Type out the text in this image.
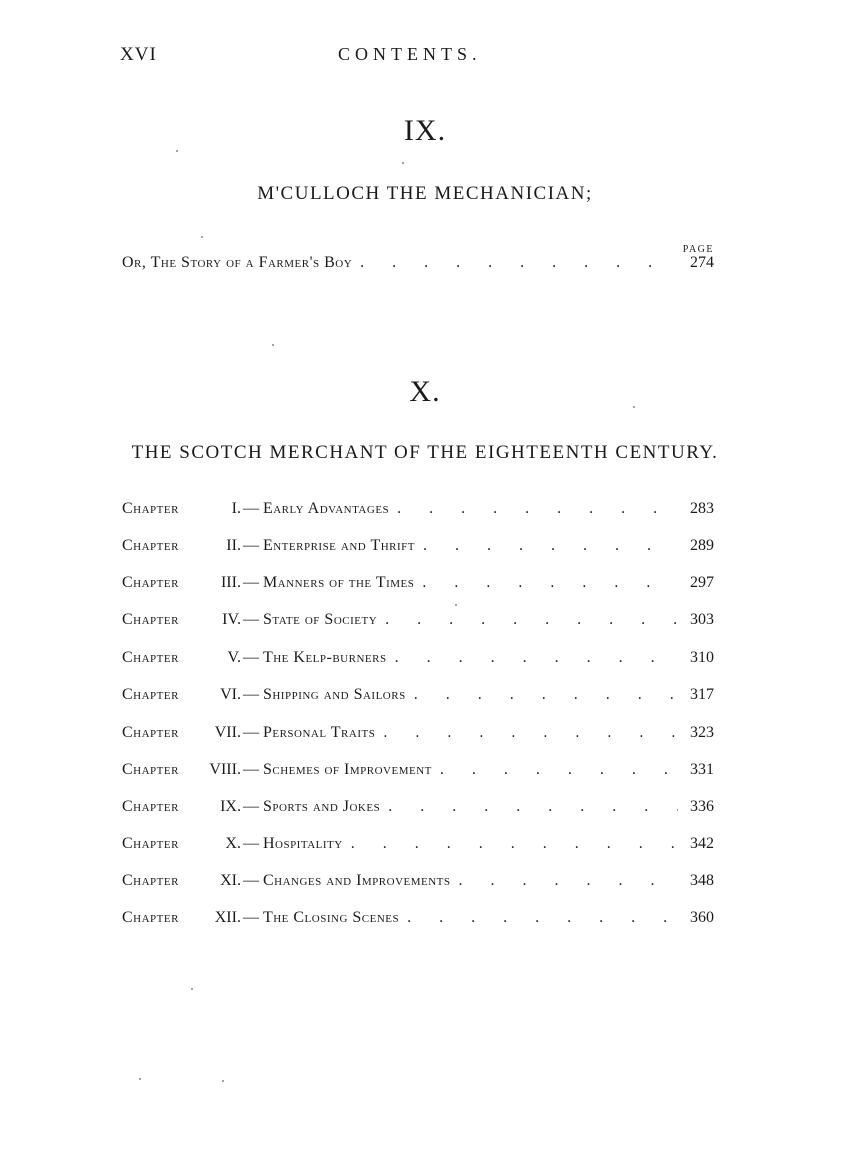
XVI	CONTENTS.
IX.
M'CULLOCH THE MECHANICIAN;
PAGE
Or, The Story of a Farmer's Boy . . .	274
X.
THE SCOTCH MERCHANT OF THE EIGHTEENTH CENTURY.
Chapter	I. — Early Advantages . . .	283
Chapter	II. — Enterprise and Thrift . . .	289
Chapter	III. — Manners of the Times . . .	297
Chapter	IV. — State of Society . . .	303
Chapter	V. — The Kelp-burners . . .	310
Chapter	VI. — Shipping and Sailors . . .	317
Chapter	VII. — Personal Traits . . .	323
Chapter	VIII. — Schemes of Improvement . . .	331
Chapter	IX. — Sports and Jokes . . .	336
Chapter	X. — Hospitality . . .	342
Chapter	XI. — Changes and Improvements . . .	348
Chapter	XII. — The Closing Scenes . . .	360
